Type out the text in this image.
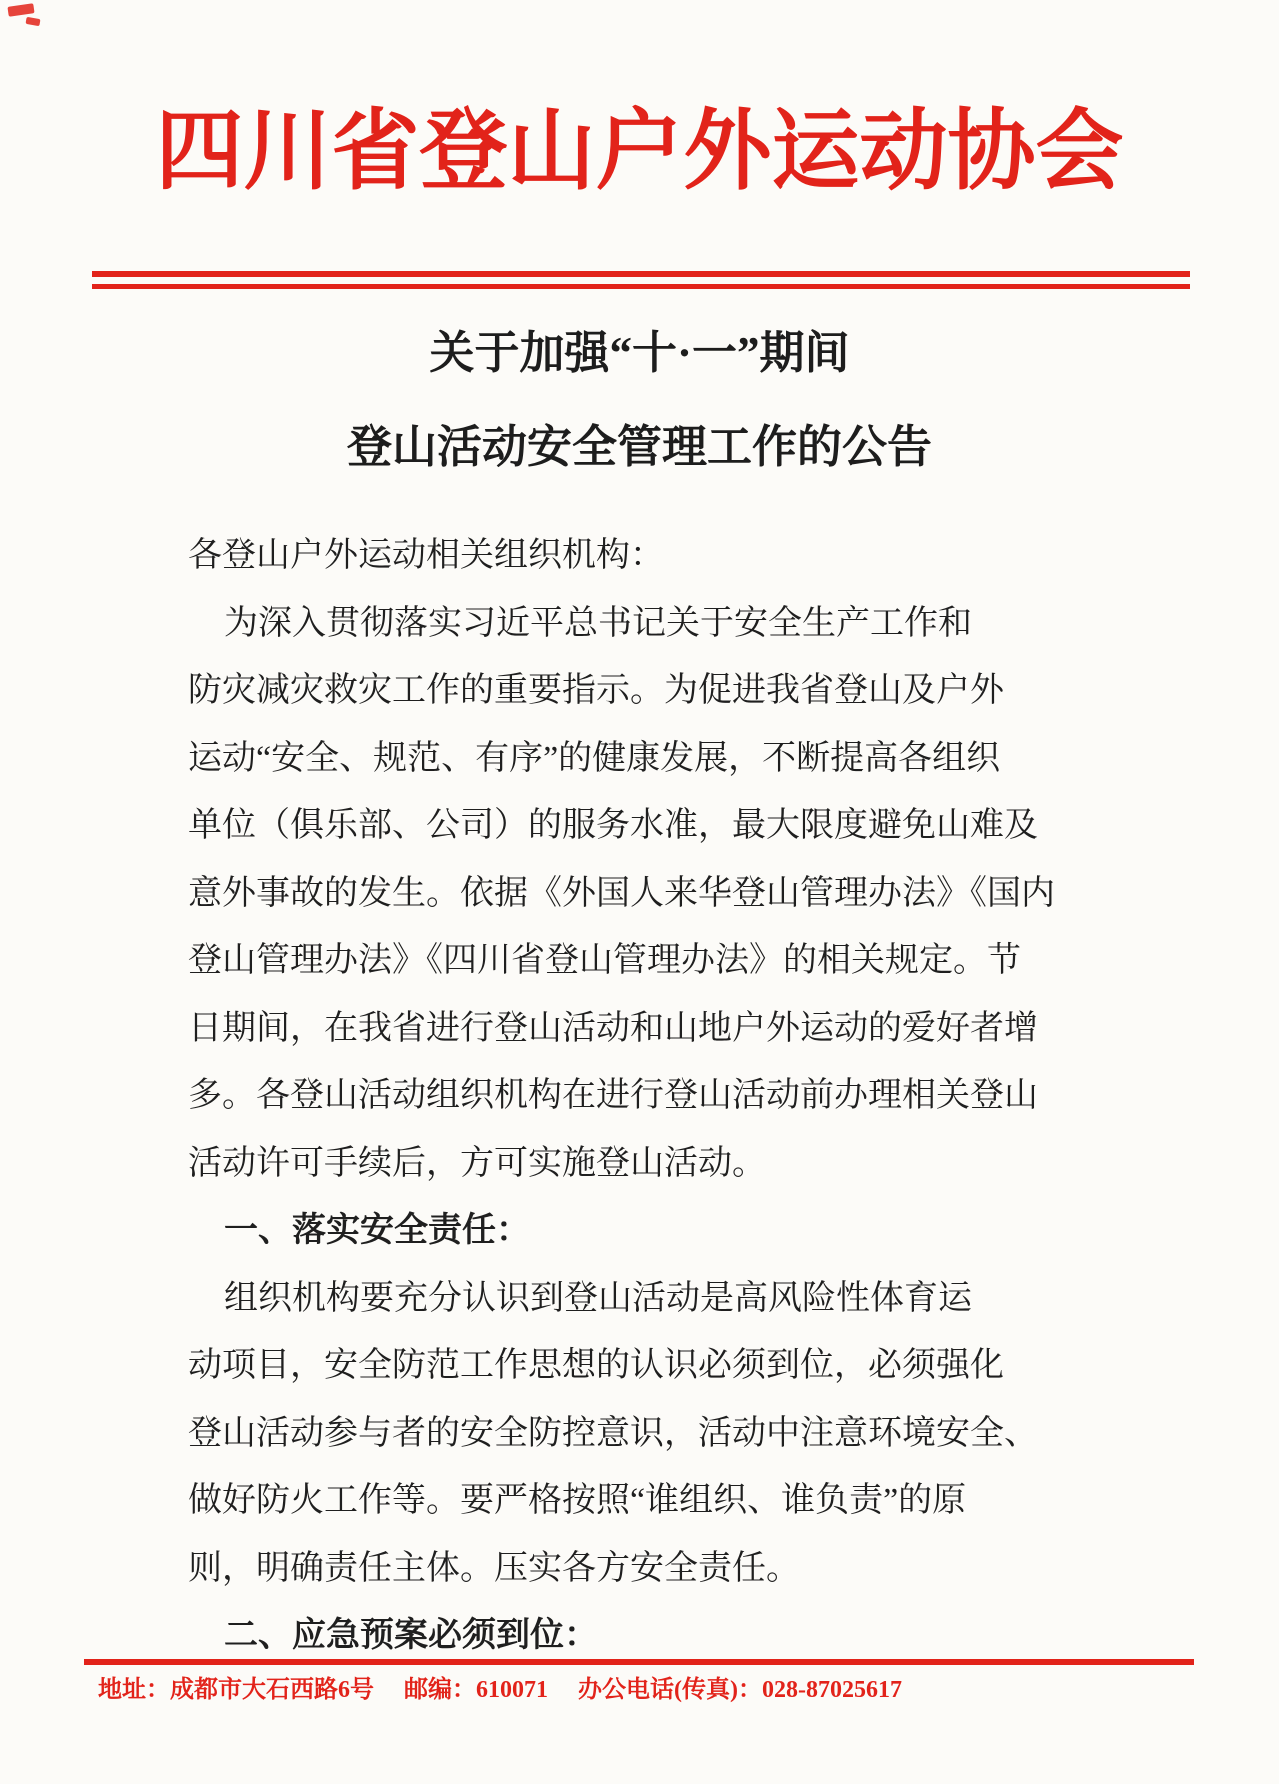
四川省登山户外运动协会
关于加强“十·一”期间
登山活动安全管理工作的公告
各登山户外运动相关组织机构：
为深入贯彻落实习近平总书记关于安全生产工作和
防灾减灾救灾工作的重要指示。为促进我省登山及户外
运动“安全、规范、有序”的健康发展，不断提高各组织
单位（俱乐部、公司）的服务水准，最大限度避免山难及
意外事故的发生。依据《外国人来华登山管理办法》《国内
登山管理办法》《四川省登山管理办法》的相关规定。节
日期间，在我省进行登山活动和山地户外运动的爱好者增
多。各登山活动组织机构在进行登山活动前办理相关登山
活动许可手续后，方可实施登山活动。
一、落实安全责任：
组织机构要充分认识到登山活动是高风险性体育运
动项目，安全防范工作思想的认识必须到位，必须强化
登山活动参与者的安全防控意识，活动中注意环境安全、
做好防火工作等。要严格按照“谁组织、谁负责”的原
则，明确责任主体。压实各方安全责任。
二、应急预案必须到位：
地址：成都市大石西路6号 邮编：610071 办公电话(传真)：028-87025617
